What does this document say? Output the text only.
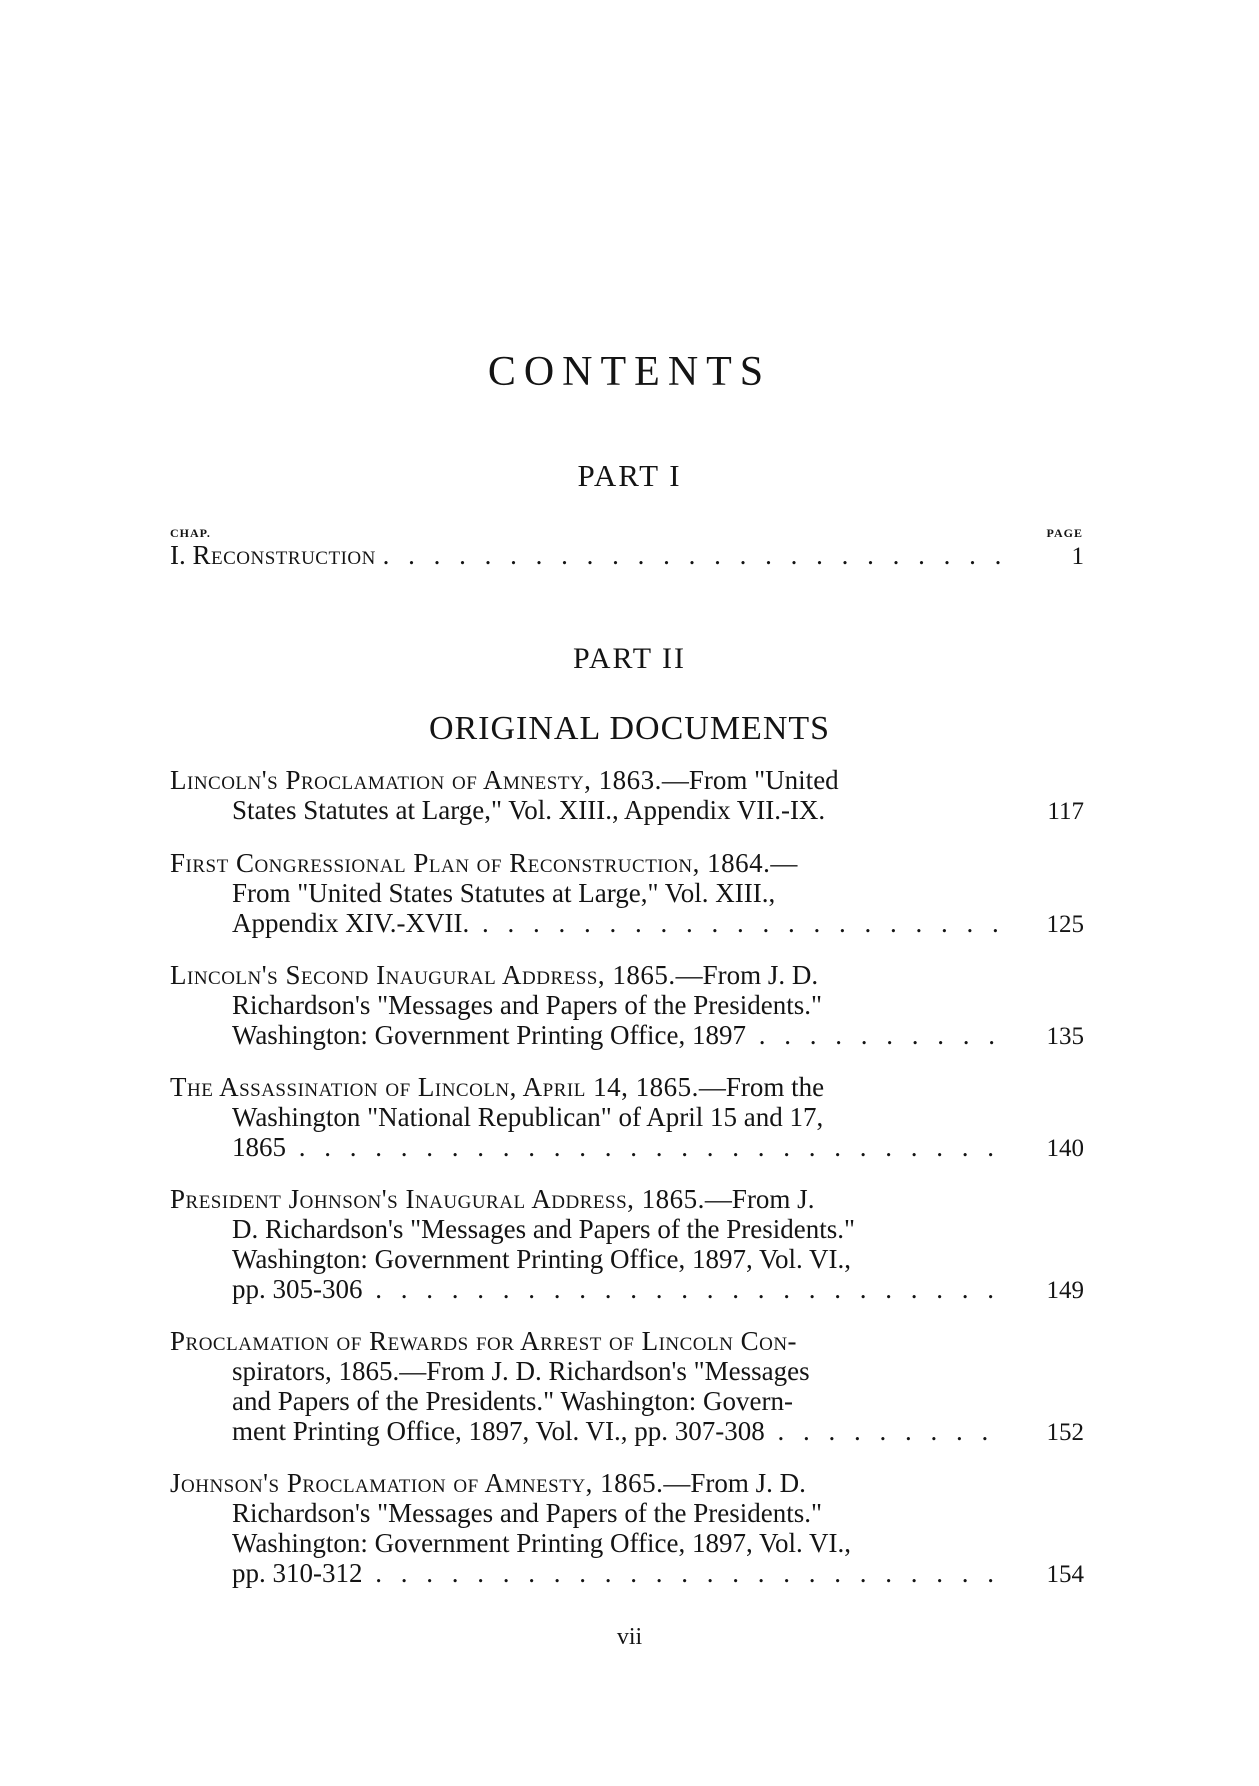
CONTENTS
PART I
CHAP.	PAGE
I. Reconstruction . . .	1
PART II
ORIGINAL DOCUMENTS
Lincoln's Proclamation of Amnesty, 1863.—From "United
States Statutes at Large," Vol. XIII., Appendix VII.-IX.	117
First Congressional Plan of Reconstruction, 1864.—
From "United States Statutes at Large," Vol. XIII.,
Appendix XIV.-XVII. . . .	125
Lincoln's Second Inaugural Address, 1865.—From J. D.
Richardson's "Messages and Papers of the Presidents."
Washington: Government Printing Office, 1897 . . .	135
The Assassination of Lincoln, April 14, 1865.—From the
Washington "National Republican" of April 15 and 17,
1865 . . .	140
President Johnson's Inaugural Address, 1865.—From J.
D. Richardson's "Messages and Papers of the Presidents."
Washington: Government Printing Office, 1897, Vol. VI.,
pp. 305-306 . . .	149
Proclamation of Rewards for Arrest of Lincoln Con-
spirators, 1865.—From J. D. Richardson's "Messages
and Papers of the Presidents." Washington: Govern-
ment Printing Office, 1897, Vol. VI., pp. 307-308 . . .	152
Johnson's Proclamation of Amnesty, 1865.—From J. D.
Richardson's "Messages and Papers of the Presidents."
Washington: Government Printing Office, 1897, Vol. VI.,
pp. 310-312 . . .	154
vii
